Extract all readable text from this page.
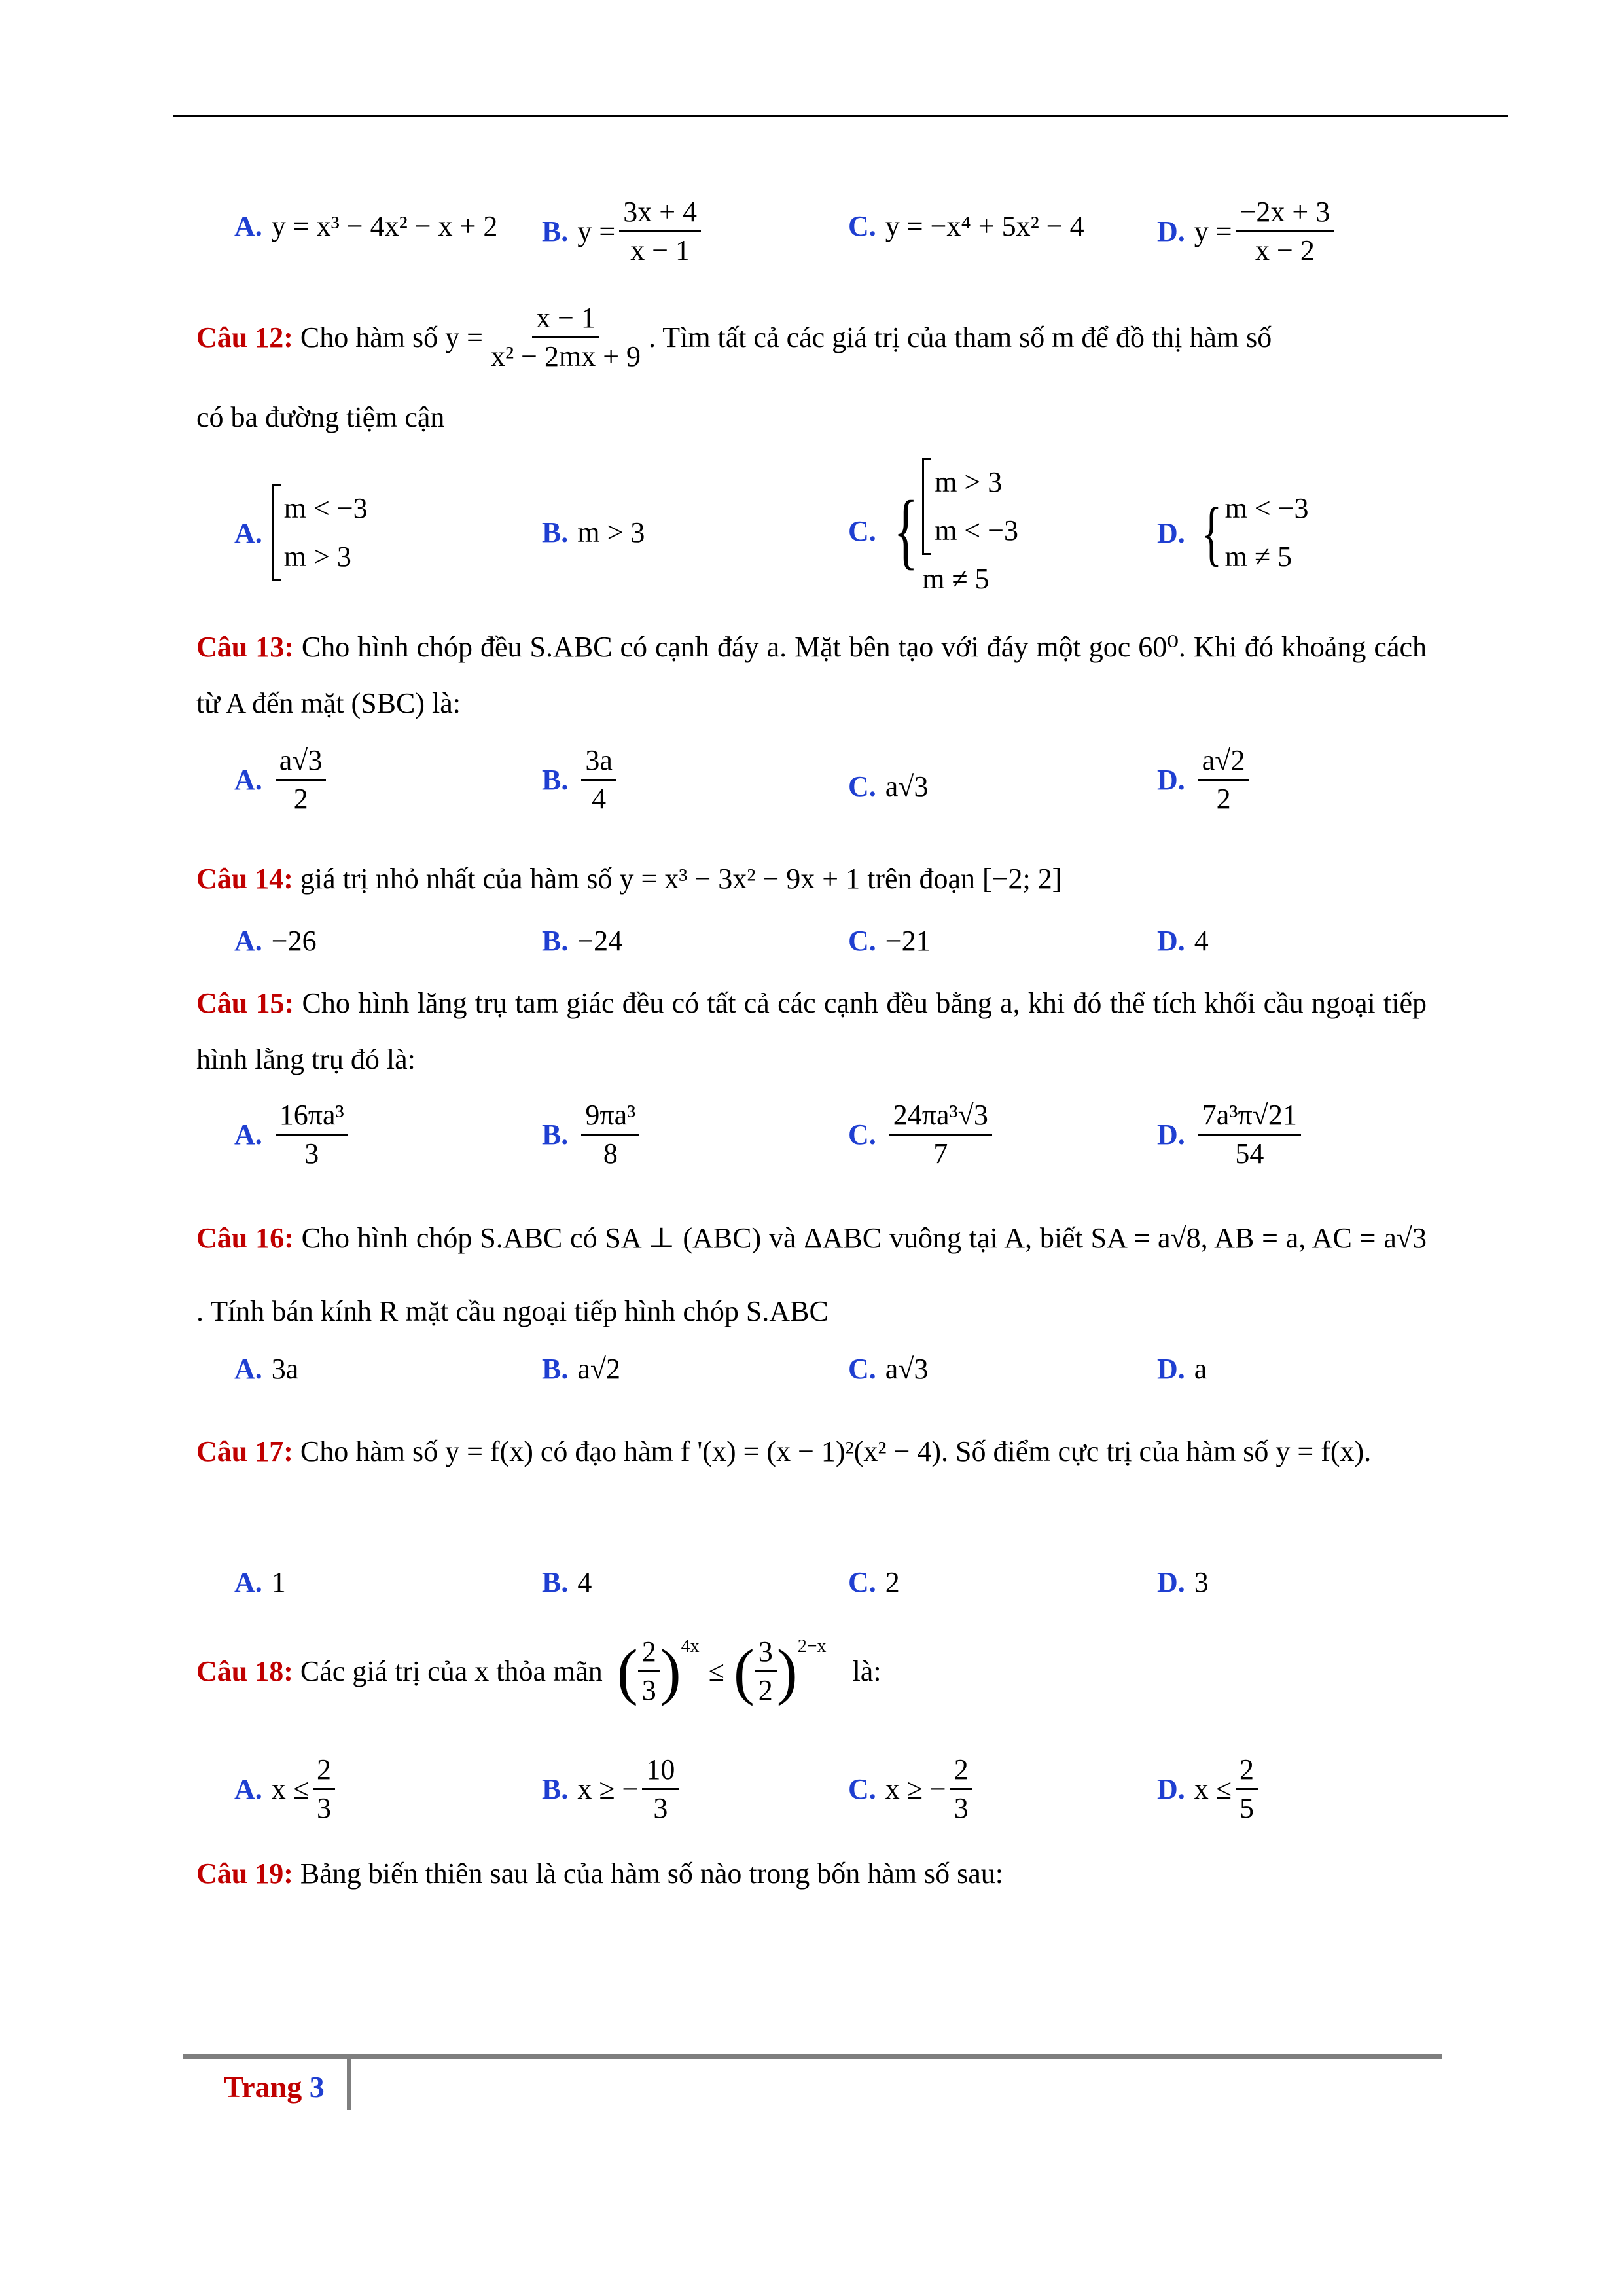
A. y = x³ − 4x² − x + 2 B. $y = \frac{3x + 4}{x - 1}$	C. y = −x⁴ + 5x² − 4	D. $y = \frac{-2x + 3}{x - 2}$
Câu 12:
Cho hàm số
$y = \frac{x - 1}{\text{x² − 2mx + 9}}$ . Tìm tất cả các giá trị của tham số m để đồ thị hàm số
có ba đường tiệm cận
A.
m < −3
m > 3
B. m > 3	C. {
m > 3
m < −3
m ≠ 5
D. { m < −3
m ≠ 5
Câu 13: Cho hình chóp đều S.ABC có cạnh đáy a. Mặt bên tạo với đáy một goc 60⁰. Khi đó khoảng cách từ A đến mặt (SBC) là:
A. $\frac{a√3}{2}$	B. $\frac{3a}{4}$	C. a√3	D. $\frac{a√2}{2}$
Câu 14: giá trị nhỏ nhất của hàm số y = x³ − 3x² − 9x + 1 trên đoạn [−2; 2]
A. −26	B. −24	C. −21	D. 4
Câu 15: Cho hình lăng trụ tam giác đều có tất cả các cạnh đều bằng a, khi đó thể tích khối cầu ngoại tiếp hình lằng trụ đó là:
A. $\frac{\text{16πa³}}{3}$	B. $\frac{\text{9πa³}}{8}$	C. $\frac{\text{24πa³√3}}{7}$	D. $\frac{\text{7a³π√21}}{54}$
Câu 16: Cho hình chóp S.ABC có SA ⊥ (ABC) và ΔABC vuông tại A, biết SA = a√8, AB = a, AC = a√3 . Tính bán kính R mặt cầu ngoại tiếp hình chóp S.ABC
A. 3a	B. a√2	C. a√3	D. a
Câu 17: Cho hàm số y = f(x) có đạo hàm f '(x) = (x − 1)²(x² − 4). Số điểm cực trị của hàm số y = f(x).
A. 1	B. 4	C. 2	D. 3
Câu 18:
Các giá trị của x thỏa mãn
( $\frac{2}{3}$ ) 4x
≤ ( $\frac{3}{2}$ ) 2−x
là:
A. $x \le \frac{2}{3}$	B. x ≥ − $\frac{10}{3}$	C. x ≥ − $\frac{2}{3}$	D. $x \le \frac{2}{5}$
Câu 19: Bảng biến thiên sau là của hàm số nào trong bốn hàm số sau:
Trang 3
